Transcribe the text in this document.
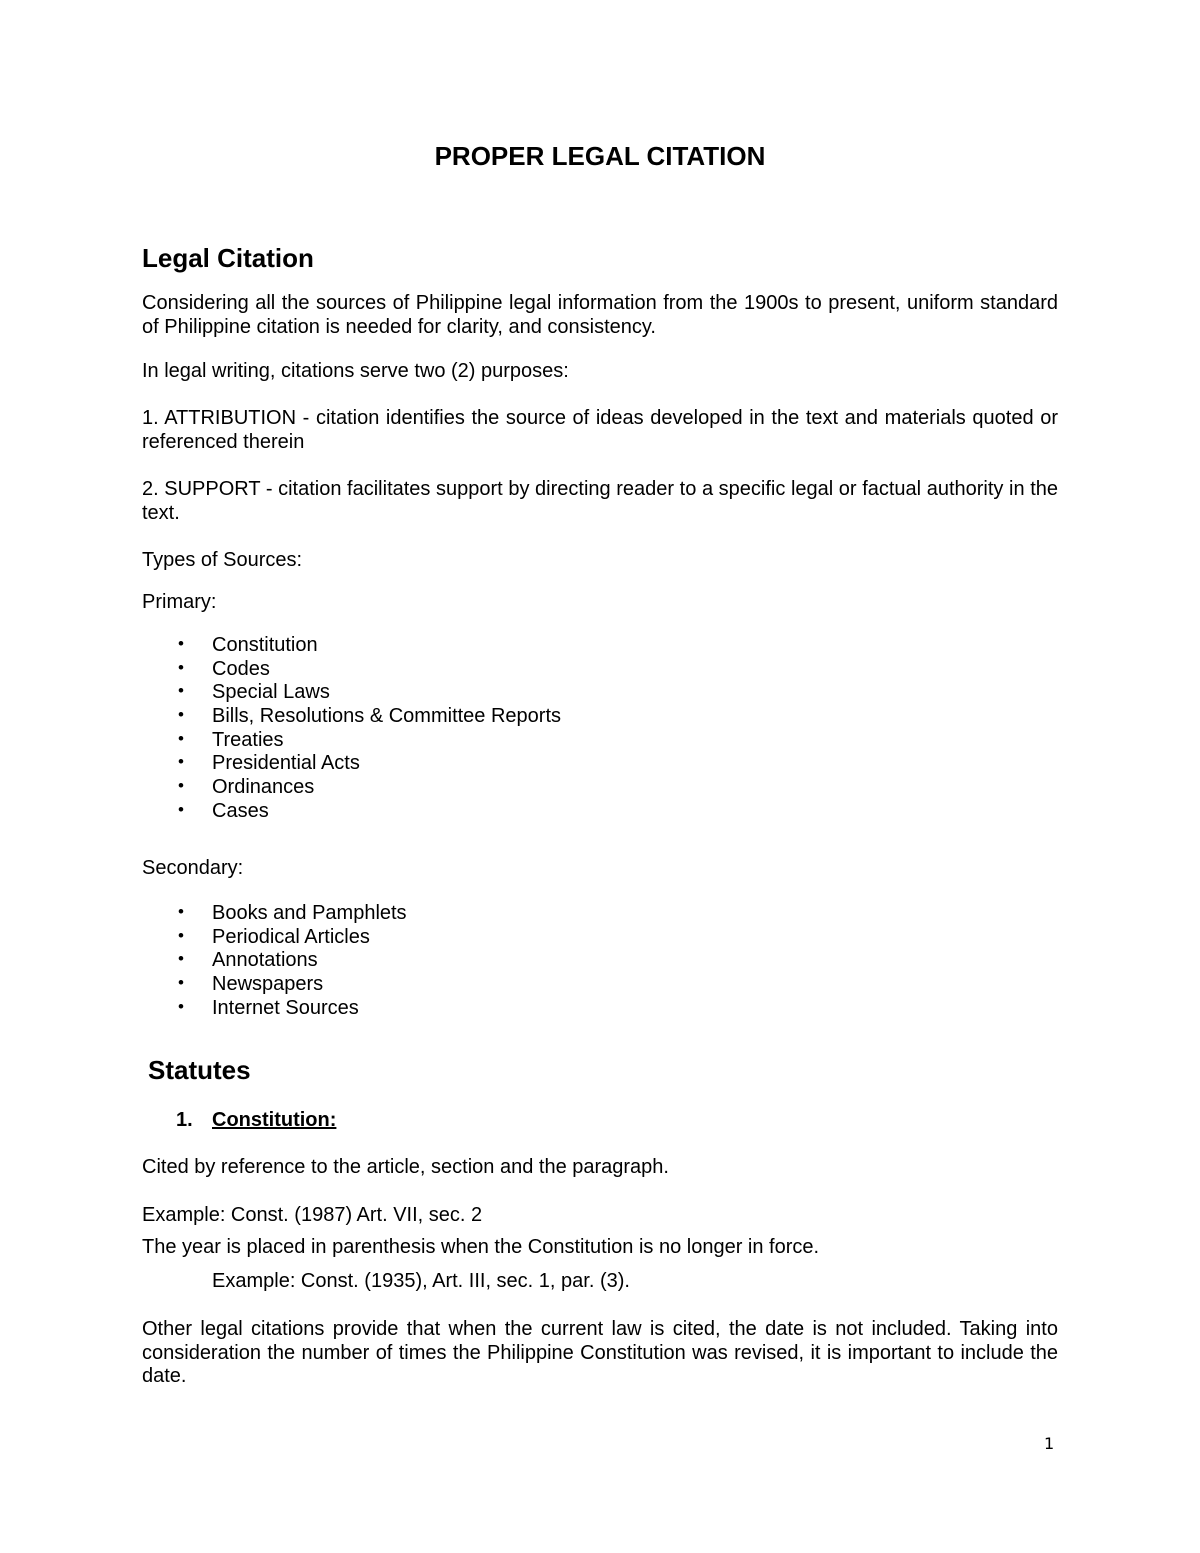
PROPER LEGAL CITATION
Legal Citation

Considering all the sources of Philippine legal information from the 1900s to present, uniform standard of Philippine citation is needed for clarity, and consistency.

In legal writing, citations serve two (2) purposes:

1. ATTRIBUTION - citation identifies the source of ideas developed in the text and materials quoted or referenced therein

2. SUPPORT - citation facilitates support by directing reader to a specific legal or factual authority in the text.

Types of Sources:

Primary:

• Constitution
• Codes
• Special Laws
• Bills, Resolutions & Committee Reports
• Treaties
• Presidential Acts
• Ordinances
• Cases

Secondary:

• Books and Pamphlets
• Periodical Articles
• Annotations
• Newspapers
• Internet Sources
Statutes
1. Constitution:

Cited by reference to the article, section and the paragraph.

Example: Const. (1987) Art. VII, sec. 2

The year is placed in parenthesis when the Constitution is no longer in force.

Example: Const. (1935), Art. III, sec. 1, par. (3).

Other legal citations provide that when the current law is cited, the date is not included. Taking into consideration the number of times the Philippine Constitution was revised, it is important to include the date.

1
